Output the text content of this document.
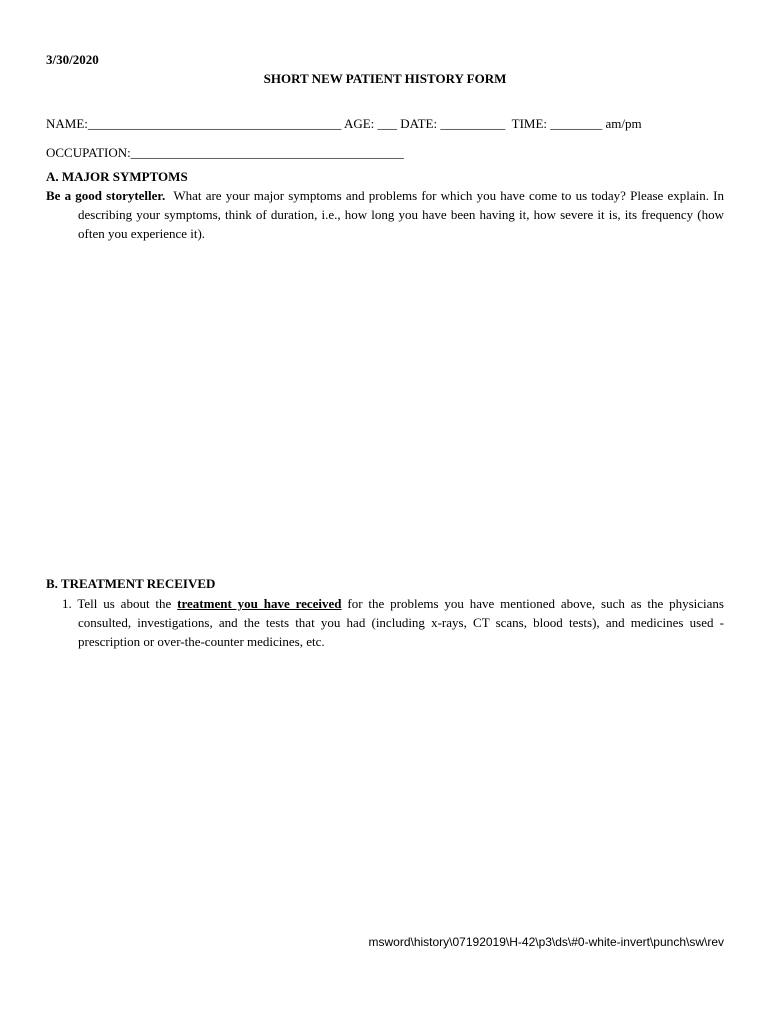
3/30/2020
SHORT NEW PATIENT HISTORY FORM
NAME:_______________________________________ AGE: ___ DATE: __________ TIME: ________ am/pm
OCCUPATION:__________________________________________
A. MAJOR SYMPTOMS
Be a good storyteller. What are your major symptoms and problems for which you have come to us today? Please explain. In describing your symptoms, think of duration, i.e., how long you have been having it, how severe it is, its frequency (how often you experience it).
B. TREATMENT RECEIVED
1. Tell us about the treatment you have received for the problems you have mentioned above, such as the physicians consulted, investigations, and the tests that you had (including x-rays, CT scans, blood tests), and medicines used - prescription or over-the-counter medicines, etc.
msword\history\07192019\H-42\p3\ds\#0-white-invert\punch\sw\rev
